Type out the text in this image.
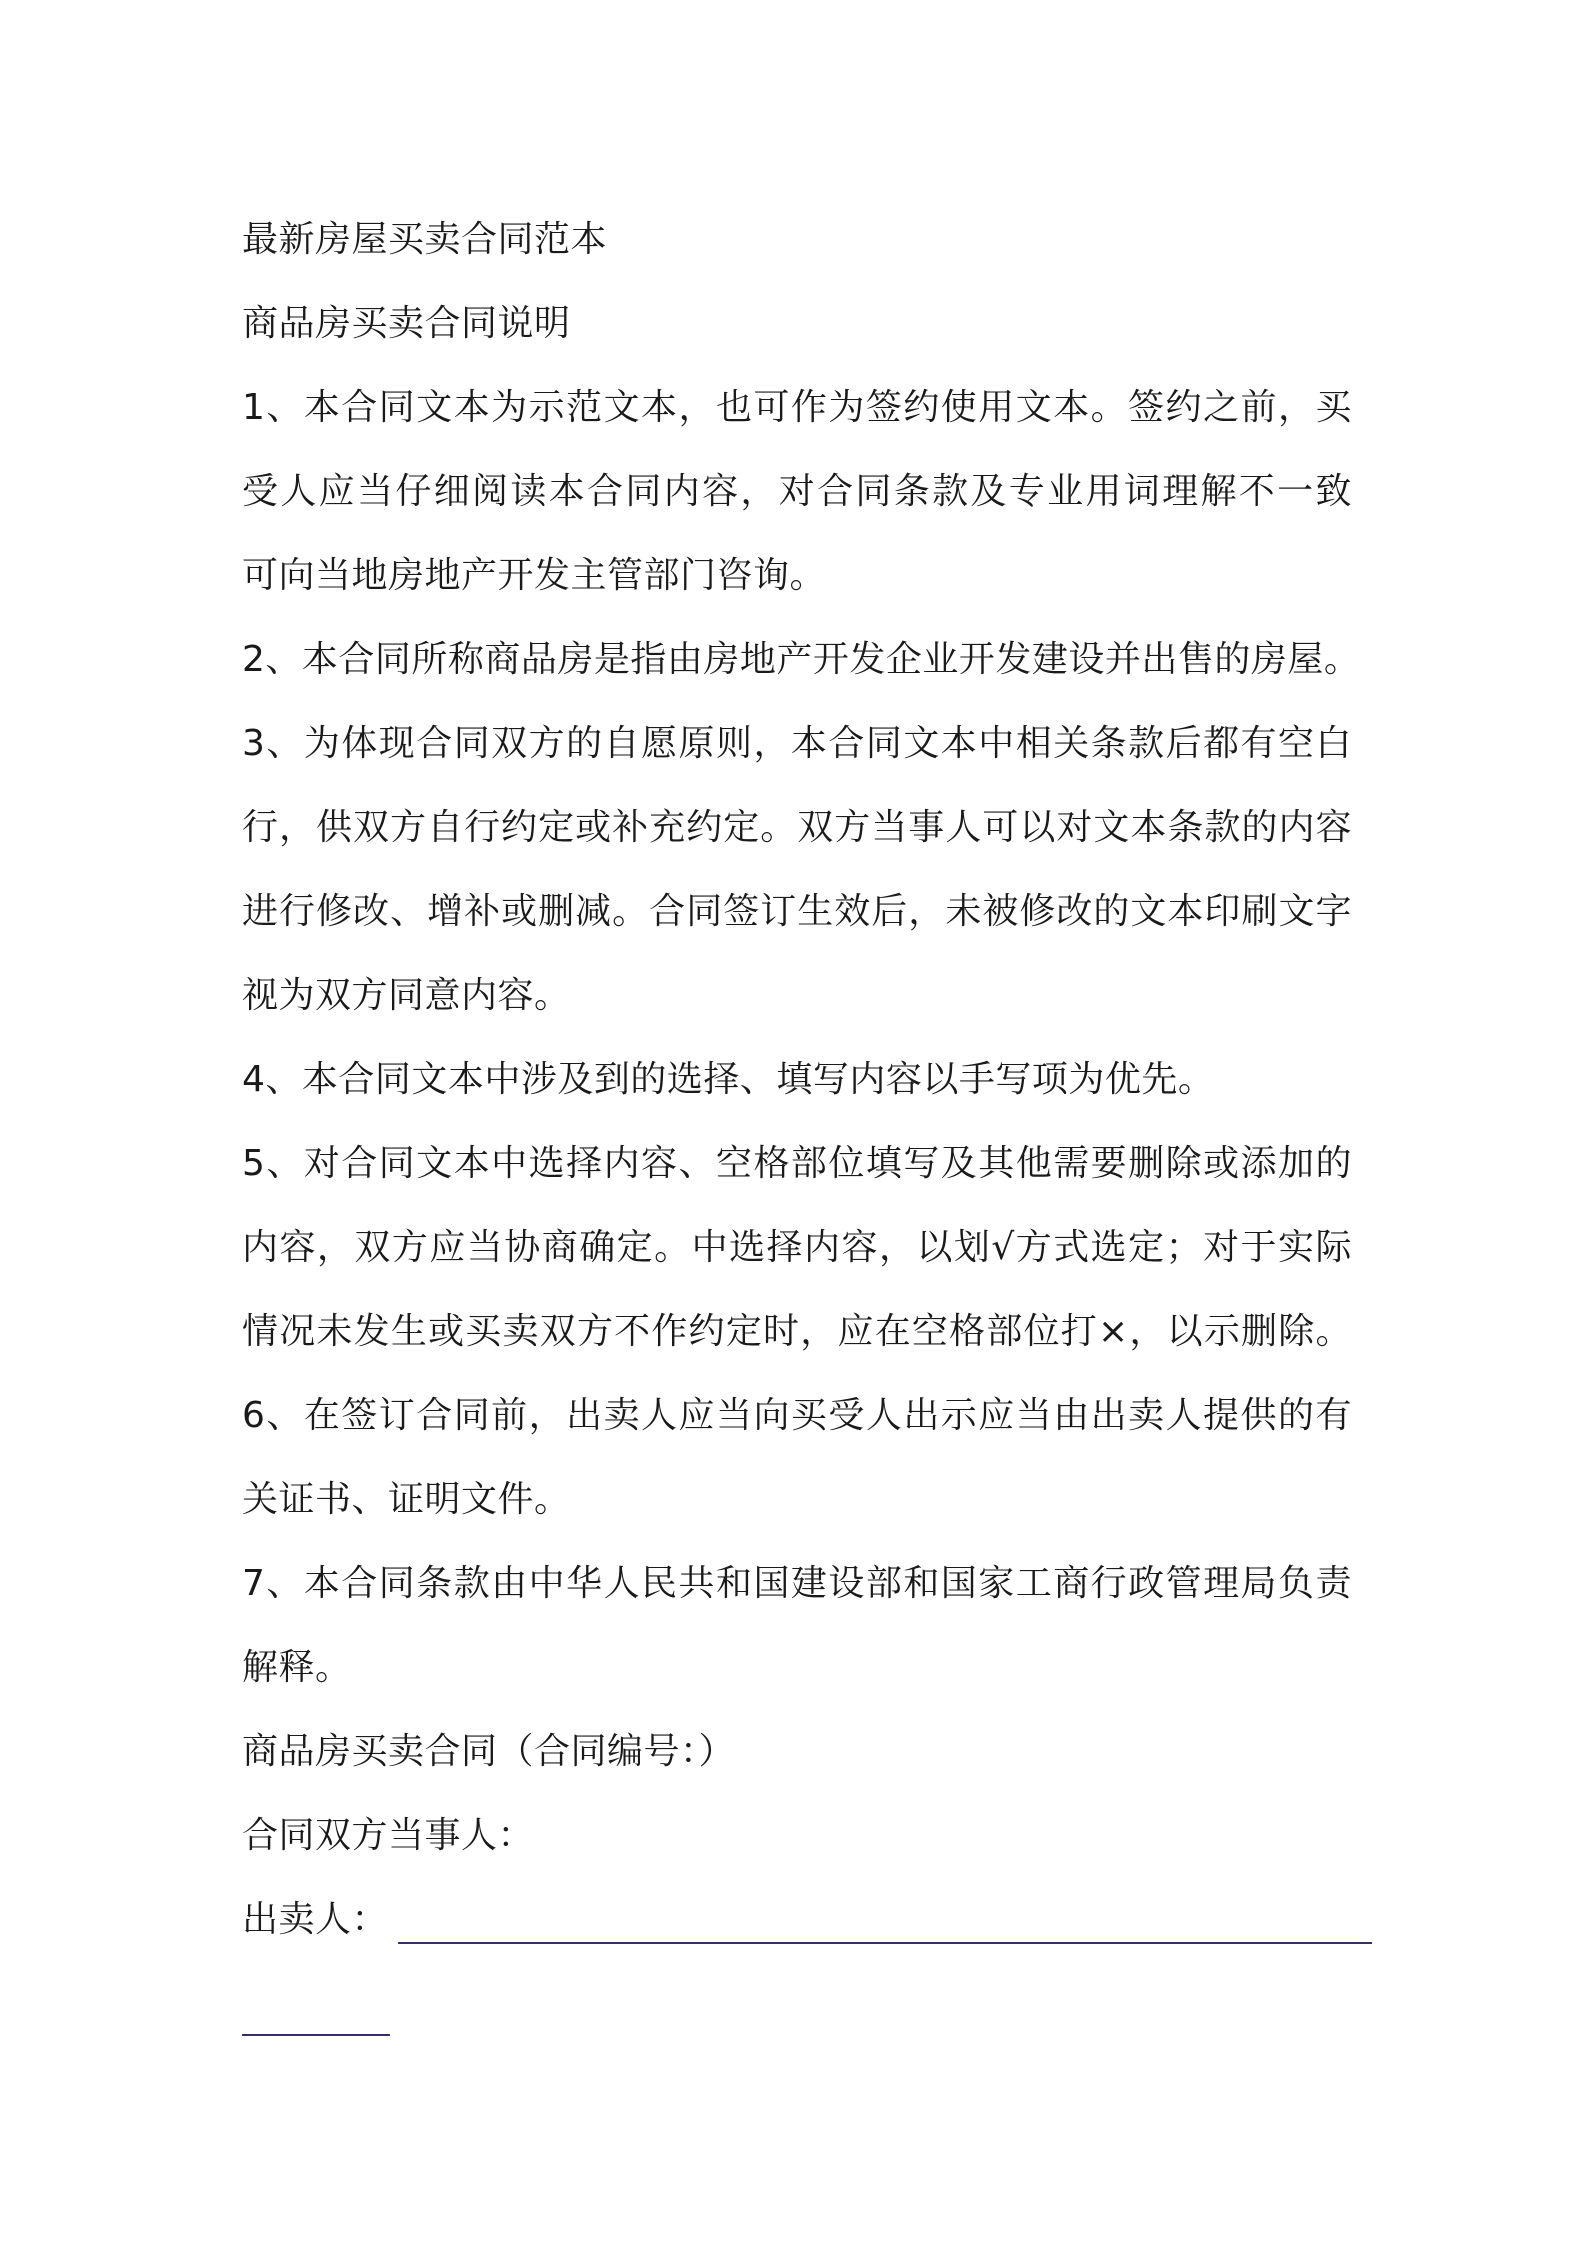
最新房屋买卖合同范本
商品房买卖合同说明
1、本合同文本为示范文本，也可作为签约使用文本。签约之前，买
受人应当仔细阅读本合同内容，对合同条款及专业用词理解不一致
可向当地房地产开发主管部门咨询。
2、本合同所称商品房是指由房地产开发企业开发建设并出售的房屋。
3、为体现合同双方的自愿原则，本合同文本中相关条款后都有空白
行，供双方自行约定或补充约定。双方当事人可以对文本条款的内容
进行修改、增补或删减。合同签订生效后，未被修改的文本印刷文字
视为双方同意内容。
4、本合同文本中涉及到的选择、填写内容以手写项为优先。
5、对合同文本中选择内容、空格部位填写及其他需要删除或添加的
内容，双方应当协商确定。中选择内容，以划√方式选定；对于实际
情况未发生或买卖双方不作约定时，应在空格部位打×，以示删除。
6、在签订合同前，出卖人应当向买受人出示应当由出卖人提供的有
关证书、证明文件。
7、本合同条款由中华人民共和国建设部和国家工商行政管理局负责
解释。
商品房买卖合同（合同编号：）
合同双方当事人：
出卖人：
